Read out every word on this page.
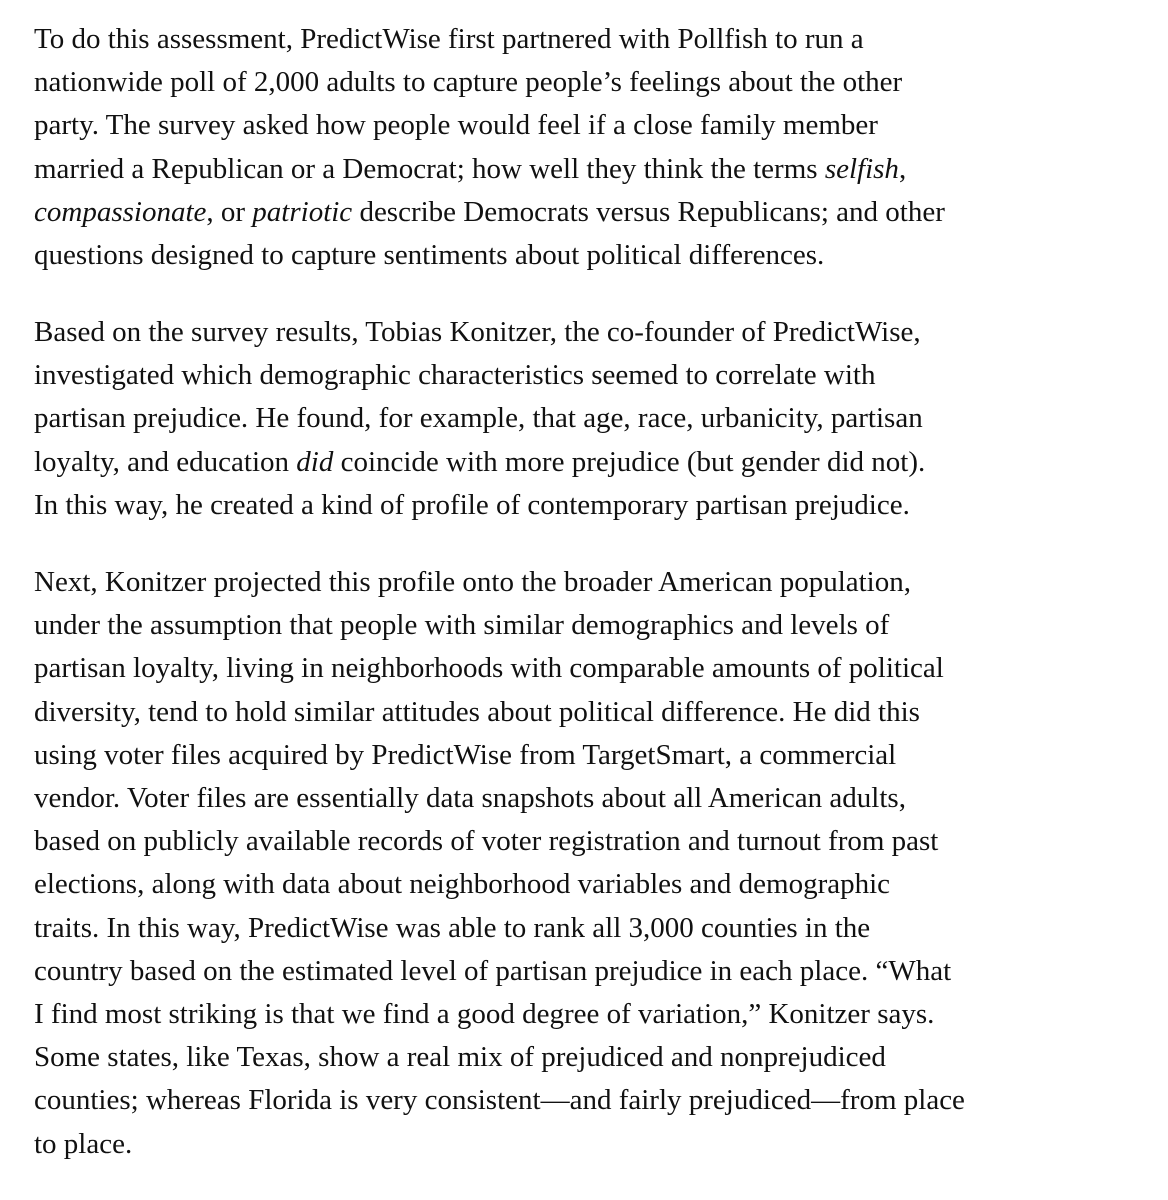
To do this assessment, PredictWise first partnered with Pollfish to run a
nationwide poll of 2,000 adults to capture people’s feelings about the other
party. The survey asked how people would feel if a close family member
married a Republican or a Democrat; how well they think the terms selfish,
compassionate, or patriotic describe Democrats versus Republicans; and other
questions designed to capture sentiments about political differences.

Based on the survey results, Tobias Konitzer, the co-founder of PredictWise,
investigated which demographic characteristics seemed to correlate with
partisan prejudice. He found, for example, that age, race, urbanicity, partisan
loyalty, and education did coincide with more prejudice (but gender did not).
In this way, he created a kind of profile of contemporary partisan prejudice.

Next, Konitzer projected this profile onto the broader American population,
under the assumption that people with similar demographics and levels of
partisan loyalty, living in neighborhoods with comparable amounts of political
diversity, tend to hold similar attitudes about political difference. He did this
using voter files acquired by PredictWise from TargetSmart, a commercial
vendor. Voter files are essentially data snapshots about all American adults,
based on publicly available records of voter registration and turnout from past
elections, along with data about neighborhood variables and demographic
traits. In this way, PredictWise was able to rank all 3,000 counties in the
country based on the estimated level of partisan prejudice in each place. “What
I find most striking is that we find a good degree of variation,” Konitzer says.
Some states, like Texas, show a real mix of prejudiced and nonprejudiced
counties; whereas Florida is very consistent—and fairly prejudiced—from place
to place.
